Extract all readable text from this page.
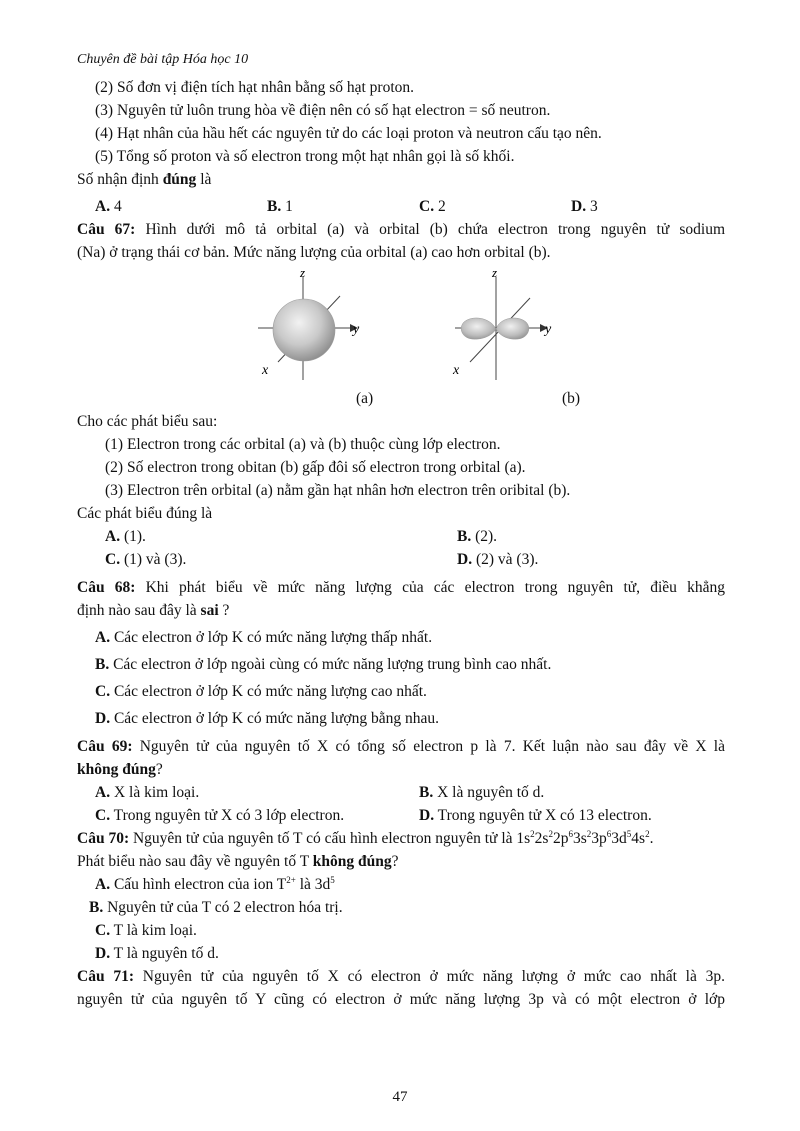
Chuyên đề bài tập Hóa học 10
(2) Số đơn vị điện tích hạt nhân bằng số hạt proton.
(3) Nguyên tử luôn trung hòa về điện nên có số hạt electron = số neutron.
(4) Hạt nhân của hầu hết các nguyên tử do các loại proton và neutron cấu tạo nên.
(5) Tổng số proton và số electron trong một hạt nhân gọi là số khối.
Số nhận định đúng là
A. 4	B. 1	C. 2	D. 3
Câu 67: Hình dưới mô tả orbital (a) và orbital (b) chứa electron trong nguyên tử sodium
(Na) ở trạng thái cơ bản. Mức năng lượng của orbital (a) cao hơn orbital (b).
z
y
x
z
y
x
(a)	(b)
Cho các phát biểu sau:
(1) Electron trong các orbital (a) và (b) thuộc cùng lớp electron.
(2) Số electron trong obitan (b) gấp đôi số electron trong orbital (a).
(3) Electron trên orbital (a) nằm gần hạt nhân hơn electron trên oribital (b).
Các phát biểu đúng là
A. (1).	B. (2).
C. (1) và (3).	D. (2) và (3).
Câu 68: Khi phát biểu về mức năng lượng của các electron trong nguyên tử, điều khẳng
định nào sau đây là sai ?
A. Các electron ở lớp K có mức năng lượng thấp nhất.
B. Các electron ở lớp ngoài cùng có mức năng lượng trung bình cao nhất.
C. Các electron ở lớp K có mức năng lượng cao nhất.
D. Các electron ở lớp K có mức năng lượng bằng nhau.
Câu 69: Nguyên tử của nguyên tố X có tổng số electron p là 7. Kết luận nào sau đây về X là
không đúng?
A. X là kim loại.	B. X là nguyên tố d.
C. Trong nguyên tử X có 3 lớp electron.	D. Trong nguyên tử X có 13 electron.
Câu 70: Nguyên tử của nguyên tố T có cấu hình electron nguyên tử là $1s^22s^22p^63s^23p^63d^54s^2$.
Phát biểu nào sau đây về nguyên tố T không đúng?
A. Cấu hình electron của ion $T^{2+}$ là $3d^5$
B. Nguyên tử của T có 2 electron hóa trị.
C. T là kim loại.
D. T là nguyên tố d.
Câu 71: Nguyên tử của nguyên tố X có electron ở mức năng lượng ở mức cao nhất là 3p.
nguyên tử của nguyên tố Y cũng có electron ở mức năng lượng 3p và có một electron ở lớp
47
